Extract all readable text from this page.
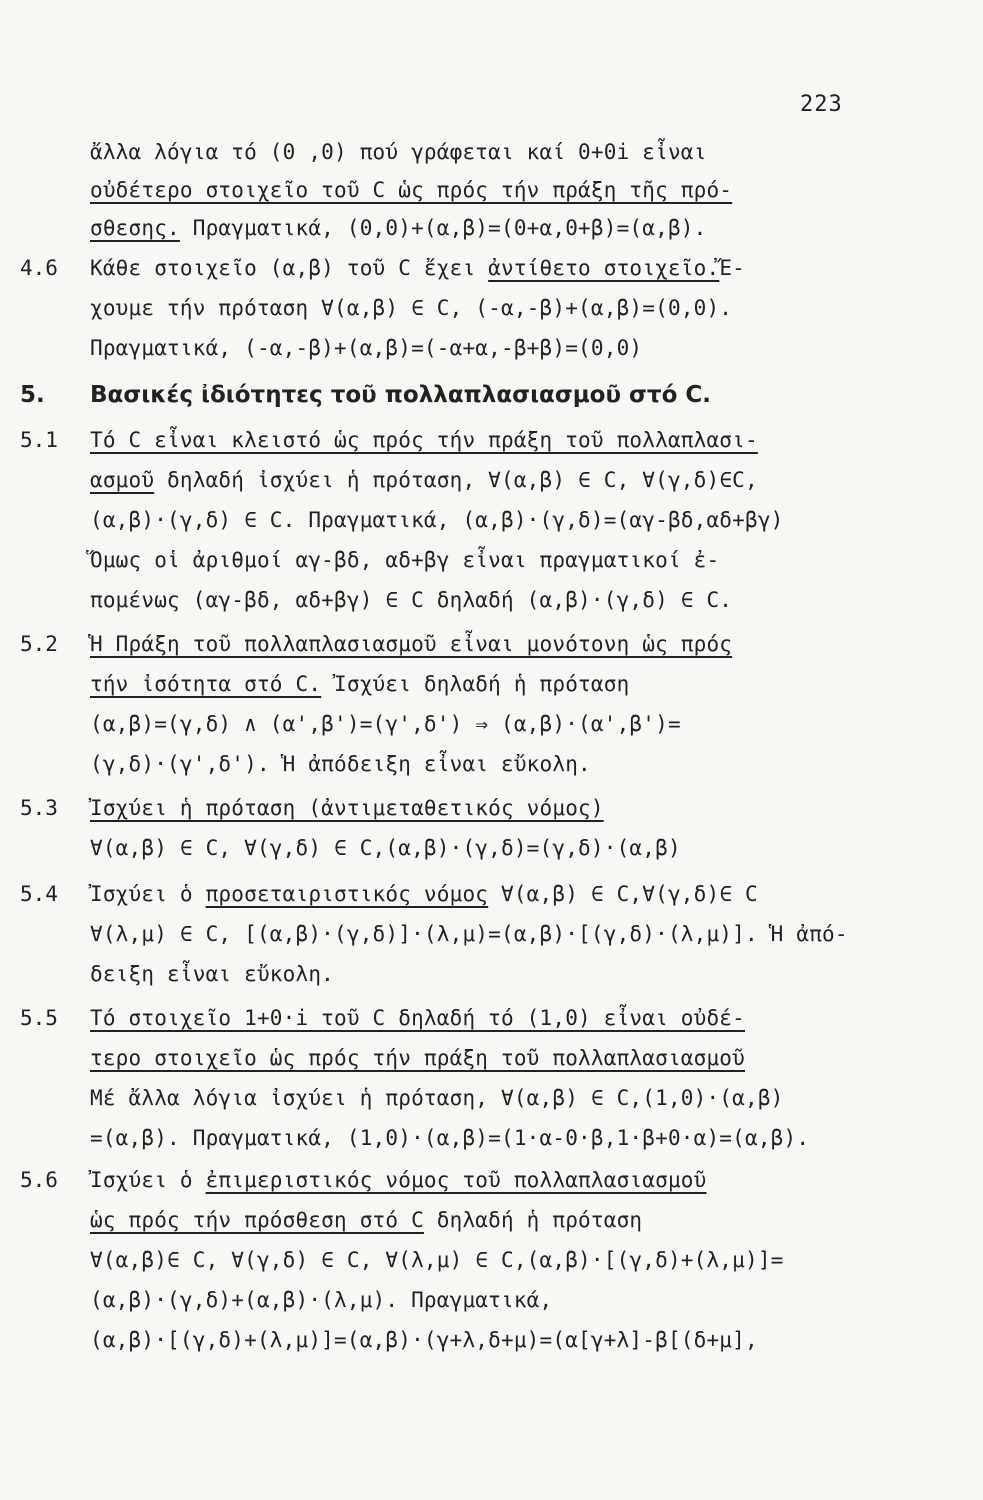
223
ἄλλα λόγια τό (0 ,0) πού γράφεται καί 0+0i εἶναι
οὐδέτερο στοιχεῖο τοῦ C ὡς πρός τήν πράξη τῆς πρό-
σθεσης. Πραγματικά, (0,0)+(α,β)=(0+α,0+β)=(α,β).
4.6 Κάθε στοιχεῖο (α,β) τοῦ C ἔχει ἀντίθετο στοιχεῖο.Ἔ-
χουμε τήν πρόταση ∀(α,β) ∈ C, (-α,-β)+(α,β)=(0,0).
Πραγματικά, (-α,-β)+(α,β)=(-α+α,-β+β)=(0,0)
5. Βασικές ἰδιότητες τοῦ πολλαπλασιασμοῦ στό C.
5.1 Τό C εἶναι κλειστό ὡς πρός τήν πράξη τοῦ πολλαπλασι-
ασμοῦ δηλαδή ἰσχύει ἡ πρόταση, ∀(α,β) ∈ C, ∀(γ,δ)∈C,
(α,β)·(γ,δ) ∈ C. Πραγματικά, (α,β)·(γ,δ)=(αγ-βδ,αδ+βγ)
Ὅμως οἱ ἀριθμοί αγ-βδ, αδ+βγ εἶναι πραγματικοί ἐ-
πομένως (αγ-βδ, αδ+βγ) ∈ C δηλαδή (α,β)·(γ,δ) ∈ C.
5.2 Ἡ Πράξη τοῦ πολλαπλασιασμοῦ εἶναι μονότονη ὡς πρός
τήν ἰσότητα στό C. Ἰσχύει δηλαδή ἡ πρόταση
(α,β)=(γ,δ) ∧ (α',β')=(γ',δ') ⇒ (α,β)·(α',β')=
(γ,δ)·(γ',δ'). Ἡ ἀπόδειξη εἶναι εὔκολη.
5.3 Ἰσχύει ἡ πρόταση (ἀντιμεταθετικός νόμος)
∀(α,β) ∈ C, ∀(γ,δ) ∈ C,(α,β)·(γ,δ)=(γ,δ)·(α,β)
5.4 Ἰσχύει ὁ προσεταιριστικός νόμος ∀(α,β) ∈ C,∀(γ,δ)∈ C
∀(λ,μ) ∈ C, [(α,β)·(γ,δ)]·(λ,μ)=(α,β)·[(γ,δ)·(λ,μ)]. Ἡ ἀπό-
δειξη εἶναι εὔκολη.
5.5 Τό στοιχεῖο 1+0·i τοῦ C δηλαδή τό (1,0) εἶναι οὐδέ-
τερο στοιχεῖο ὡς πρός τήν πράξη τοῦ πολλαπλασιασμοῦ
Μέ ἄλλα λόγια ἰσχύει ἡ πρόταση, ∀(α,β) ∈ C,(1,0)·(α,β)
=(α,β). Πραγματικά, (1,0)·(α,β)=(1·α-0·β,1·β+0·α)=(α,β).
5.6 Ἰσχύει ὁ ἐπιμεριστικός νόμος τοῦ πολλαπλασιασμοῦ
ὡς πρός τήν πρόσθεση στό C δηλαδή ἡ πρόταση
∀(α,β)∈ C, ∀(γ,δ) ∈ C, ∀(λ,μ) ∈ C,(α,β)·[(γ,δ)+(λ,μ)]=
(α,β)·(γ,δ)+(α,β)·(λ,μ). Πραγματικά,
(α,β)·[(γ,δ)+(λ,μ)]=(α,β)·(γ+λ,δ+μ)=(α[γ+λ]-β[(δ+μ],
